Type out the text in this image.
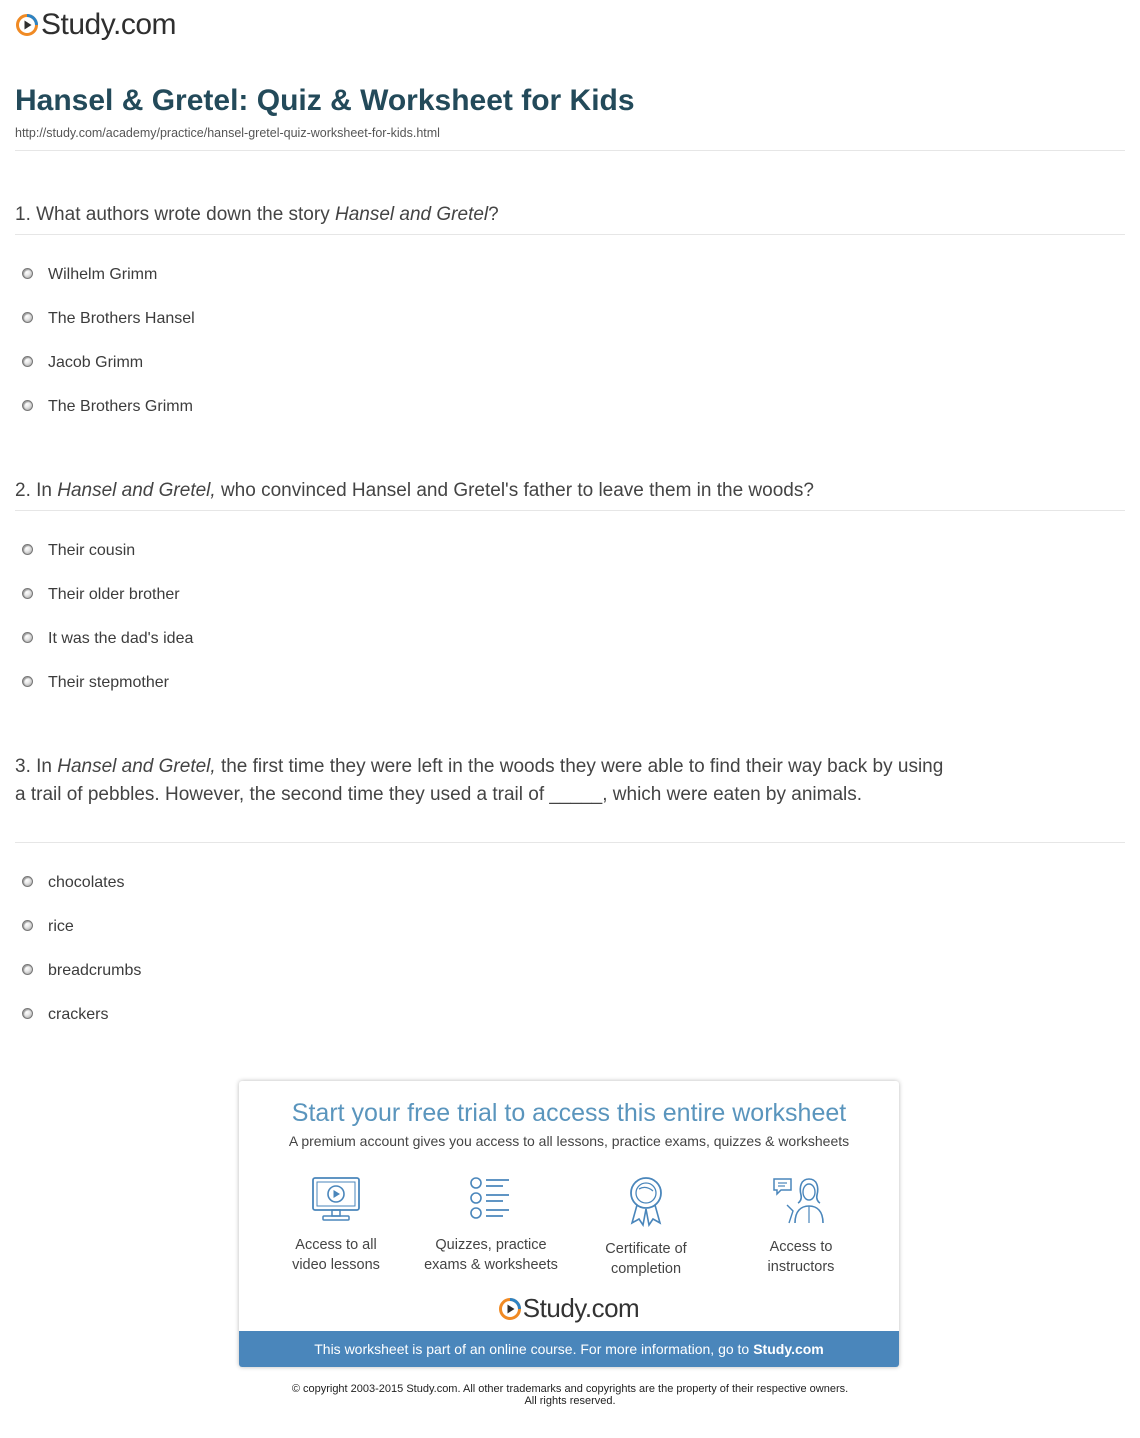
Study.com
Hansel & Gretel: Quiz & Worksheet for Kids
http://study.com/academy/practice/hansel-gretel-quiz-worksheet-for-kids.html
1. What authors wrote down the story Hansel and Gretel?
Wilhelm Grimm
The Brothers Hansel
Jacob Grimm
The Brothers Grimm
2. In Hansel and Gretel, who convinced Hansel and Gretel's father to leave them in the woods?
Their cousin
Their older brother
It was the dad's idea
Their stepmother
3. In Hansel and Gretel, the first time they were left in the woods they were able to find their way back by using a trail of pebbles. However, the second time they used a trail of _____, which were eaten by animals.
chocolates
rice
breadcrumbs
crackers
Start your free trial to access this entire worksheet
A premium account gives you access to all lessons, practice exams, quizzes & worksheets
Access to all
video lessons
Quizzes, practice
exams & worksheets
Certificate of
completion
Access to
instructors
Study.com
This worksheet is part of an online course. For more information, go to Study.com
© copyright 2003-2015 Study.com. All other trademarks and copyrights are the property of their respective owners.
All rights reserved.
